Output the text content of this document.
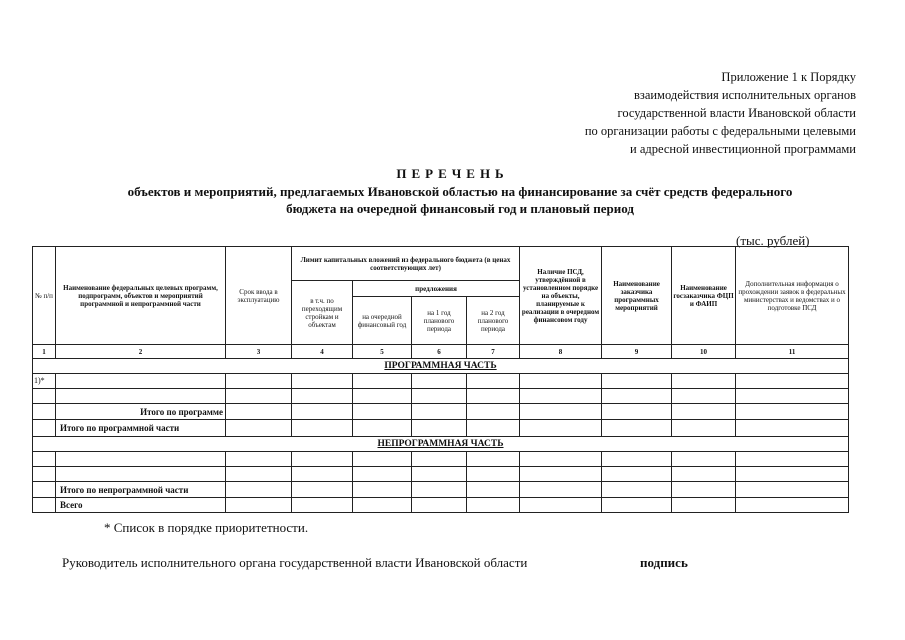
Приложение 1 к Порядку
взаимодействия исполнительных органов
государственной власти Ивановской области
по организации работы с федеральными целевыми
и адресной инвестиционной программами
ПЕРЕЧЕНЬ
объектов и мероприятий, предлагаемых Ивановской областью на финансирование за счёт средств федерального
бюджета на очередной финансовый год и плановый период
(тыс. рублей)
№ п/п	Наименование федеральных целевых программ, подпрограмм, объектов и мероприятий программной и непрограммной части	Срок ввода в эксплуатацию	Лимит капитальных вложений из федерального бюджета (в ценах соответствующих лет)				Наличие ПСД, утверждённой в установленном порядке на объекты, планируемые к реализации в очередном финансовом году	Наименование заказчика программных мероприятий	Наименование госзаказчика ФЦП и ФАИП	Дополнительная информация о прохождении заявок в федеральных министерствах и ведомствах и о подготовке ПСД
			в т.ч. по переходящим стройкам и объектам	предложения						
				на очередной финансовый год	на 1 год планового периода	на 2 год планового периода				
1	2	3	4	5	6	7	8	9	10	11
ПРОГРАММНАЯ ЧАСТЬ										
1)*										

	Итого по программе									
	Итого по программной части									
НЕПРОГРАММНАЯ ЧАСТЬ										

	Итого по непрограммной части									
	Всего									
* Список в порядке приоритетности.
Руководитель исполнительного органа государственной власти Ивановской области	подпись
